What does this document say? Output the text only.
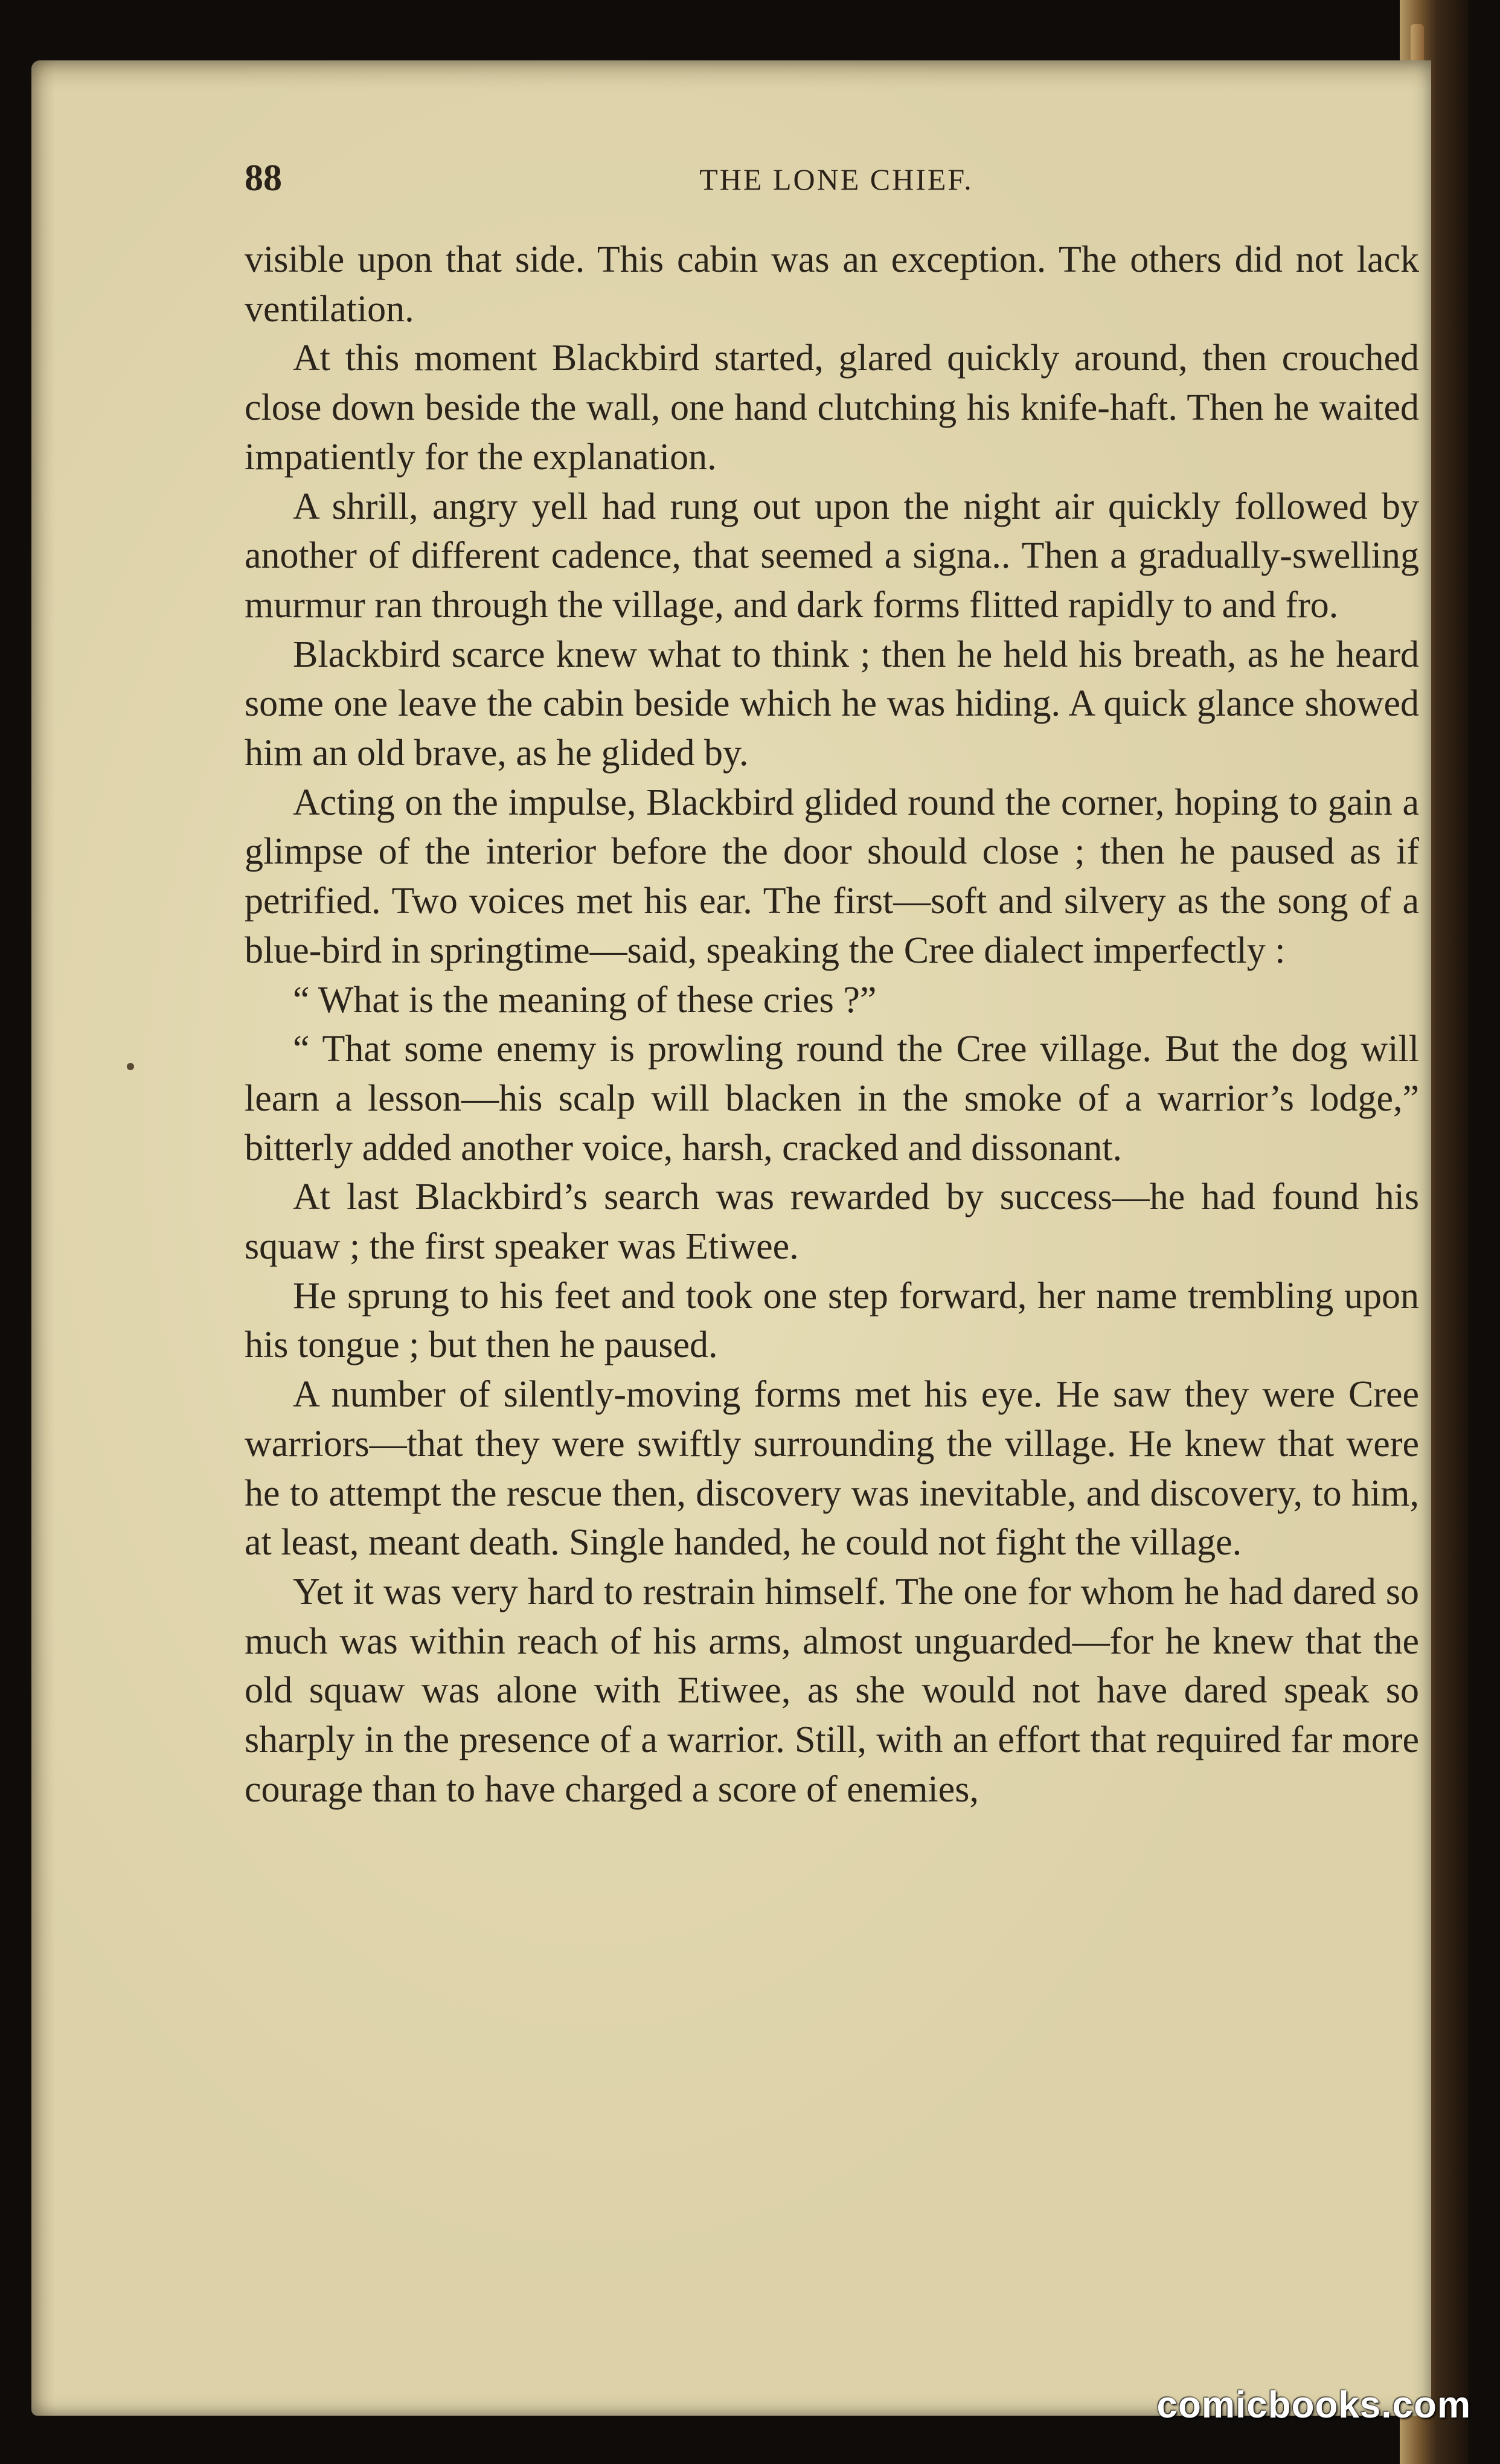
88	THE LONE CHIEF.

visible upon that side. This cabin was an exception. The others did not lack ventilation.

At this moment Blackbird started, glared quickly around, then crouched close down beside the wall, one hand clutching his knife-haft. Then he waited impatiently for the explanation.

A shrill, angry yell had rung out upon the night air quickly followed by another of different cadence, that seemed a signa.. Then a gradually-swelling murmur ran through the village, and dark forms flitted rapidly to and fro.

Blackbird scarce knew what to think ; then he held his breath, as he heard some one leave the cabin beside which he was hiding. A quick glance showed him an old brave, as he glided by.

Acting on the impulse, Blackbird glided round the corner, hoping to gain a glimpse of the interior before the door should close ; then he paused as if petrified. Two voices met his ear. The first—soft and silvery as the song of a blue-bird in springtime—said, speaking the Cree dialect imperfectly :

“ What is the meaning of these cries ?”

“ That some enemy is prowling round the Cree village. But the dog will learn a lesson—his scalp will blacken in the smoke of a warrior’s lodge,” bitterly added another voice, harsh, cracked and dissonant.

At last Blackbird’s search was rewarded by success—he had found his squaw ; the first speaker was Etiwee.

He sprung to his feet and took one step forward, her name trembling upon his tongue ; but then he paused.

A number of silently-moving forms met his eye. He saw they were Cree warriors—that they were swiftly surrounding the village. He knew that were he to attempt the rescue then, discovery was inevitable, and discovery, to him, at least, meant death. Single handed, he could not fight the village.

Yet it was very hard to restrain himself. The one for whom he had dared so much was within reach of his arms, almost unguarded—for he knew that the old squaw was alone with Etiwee, as she would not have dared speak so sharply in the presence of a warrior. Still, with an effort that required far more courage than to have charged a score of enemies,

comicbooks.com
